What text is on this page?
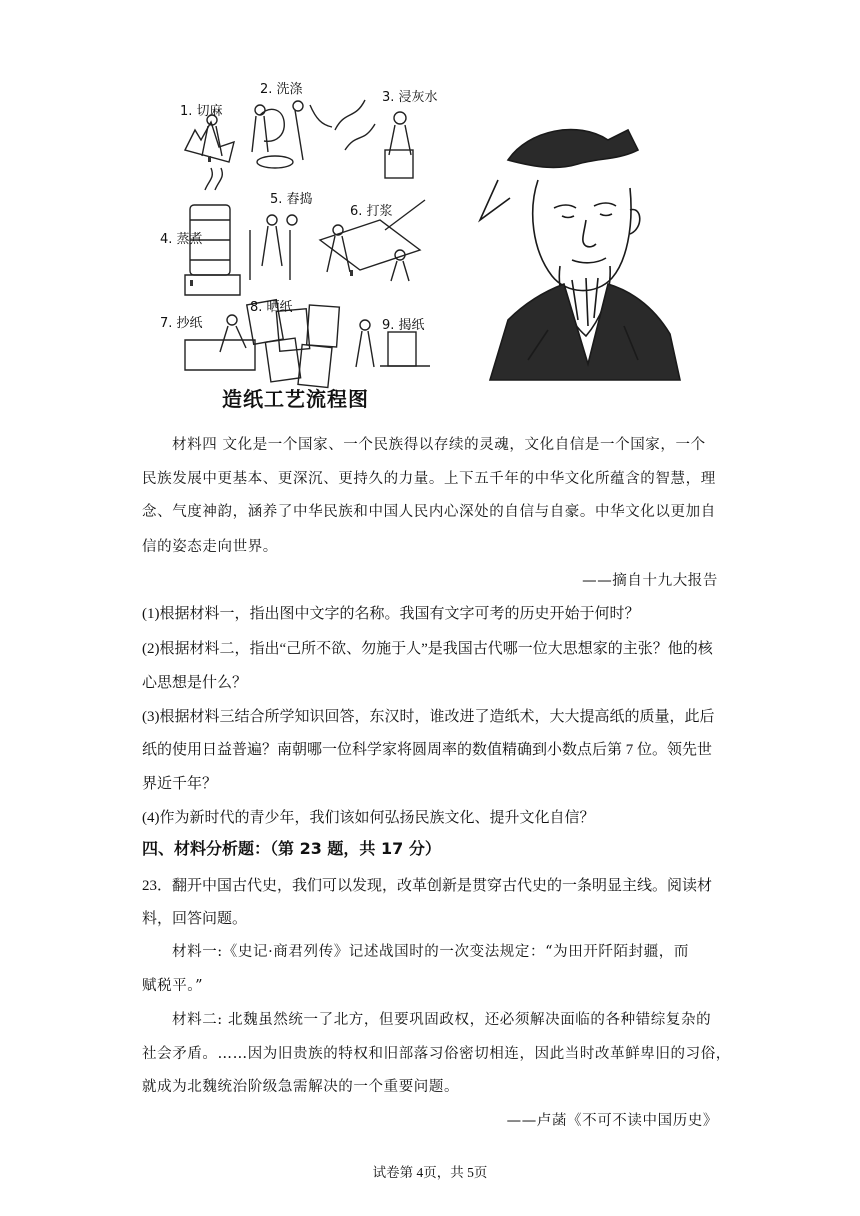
1. 切麻
2. 洗涤
3. 浸灰水
4. 蒸煮
5. 舂捣
6. 打浆
7. 抄纸
8. 晒纸
9. 揭纸
造纸工艺流程图
材料四 文化是一个国家、一个民族得以存续的灵魂，文化自信是一个国家，一个
民族发展中更基本、更深沉、更持久的力量。上下五千年的中华文化所蕴含的智慧，理
念、气度神韵，涵养了中华民族和中国人民内心深处的自信与自豪。中华文化以更加自
信的姿态走向世界。
——摘自十九大报告
(1)根据材料一，指出图中文字的名称。我国有文字可考的历史开始于何时？
(2)根据材料二，指出“己所不欲、勿施于人”是我国古代哪一位大思想家的主张？他的核
心思想是什么？
(3)根据材料三结合所学知识回答，东汉时，谁改进了造纸术，大大提高纸的质量，此后
纸的使用日益普遍？南朝哪一位科学家将圆周率的数值精确到小数点后第 7 位。领先世
界近千年？
(4)作为新时代的青少年，我们该如何弘扬民族文化、提升文化自信？
四、材料分析题：（第 23 题，共 17 分）
23．翻开中国古代史，我们可以发现，改革创新是贯穿古代史的一条明显主线。阅读材
料，回答问题。
材料一:《史记·商君列传》记述战国时的一次变法规定：“为田开阡陌封疆，而
赋税平。”
材料二: 北魏虽然统一了北方，但要巩固政权，还必须解决面临的各种错综复杂的
社会矛盾。……因为旧贵族的特权和旧部落习俗密切相连，因此当时改革鲜卑旧的习俗，
就成为北魏统治阶级急需解决的一个重要问题。
——卢菡《不可不读中国历史》
试卷第 4页，共 5页
